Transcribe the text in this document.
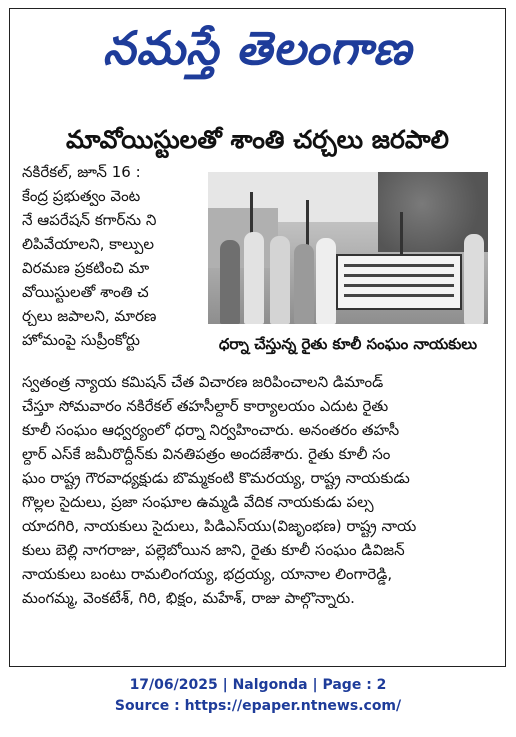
నమస్తే తెలంగాణ
మావోయిస్టులతో శాంతి చర్చలు జరపాలి
నకిరేకల్, జూన్ 16 :
కేంద్ర ప్రభుత్వం వెంట
నే ఆపరేషన్ కగార్‌ను ని
లిపివేయాలని, కాల్పుల
విరమణ ప్రకటించి మా
వోయిస్టులతో శాంతి చ
ర్చలు జపాలని, మారణ
హోమంపై సుప్రీంకోర్టు	ధర్నా చేస్తున్న రైతు కూలీ సంఘం నాయకులు
స్వతంత్ర న్యాయ కమిషన్ చేత విచారణ జరిపించాలని డిమాండ్
చేస్తూ సోమవారం నకిరేకల్ తహసీల్దార్ కార్యాలయం ఎదుట రైతు
కూలీ సంఘం ఆధ్వర్యంలో ధర్నా నిర్వహించారు. అనంతరం తహసీ
ల్దార్ ఎస్‌కే జమీరొద్దీన్‌కు వినతిపత్రం అందజేశారు. రైతు కూలీ సం
ఘం రాష్ట్ర గౌరవాధ్యక్షుడు బొమ్మకంటి కొమరయ్య, రాష్ట్ర నాయకుడు
గొల్లల సైదులు, ప్రజా సంఘాల ఉమ్మడి వేదిక నాయకుడు పల్స
యాదగిరి, నాయకులు సైదులు, పిడిఎస్‌యు(విజృంభణ) రాష్ట్ర నాయ
కులు బెల్లి నాగరాజు, పల్లెబోయిన జాని, రైతు కూలీ సంఘం డివిజన్
నాయకులు బంటు రామలింగయ్య, భద్రయ్య, యానాల లింగారెడ్డి,
మంగమ్మ, వెంకటేశ్, గిరి, భిక్షం, మహేశ్, రాజు పాల్గొన్నారు.
17/06/2025 | Nalgonda | Page : 2
Source : https://epaper.ntnews.com/
